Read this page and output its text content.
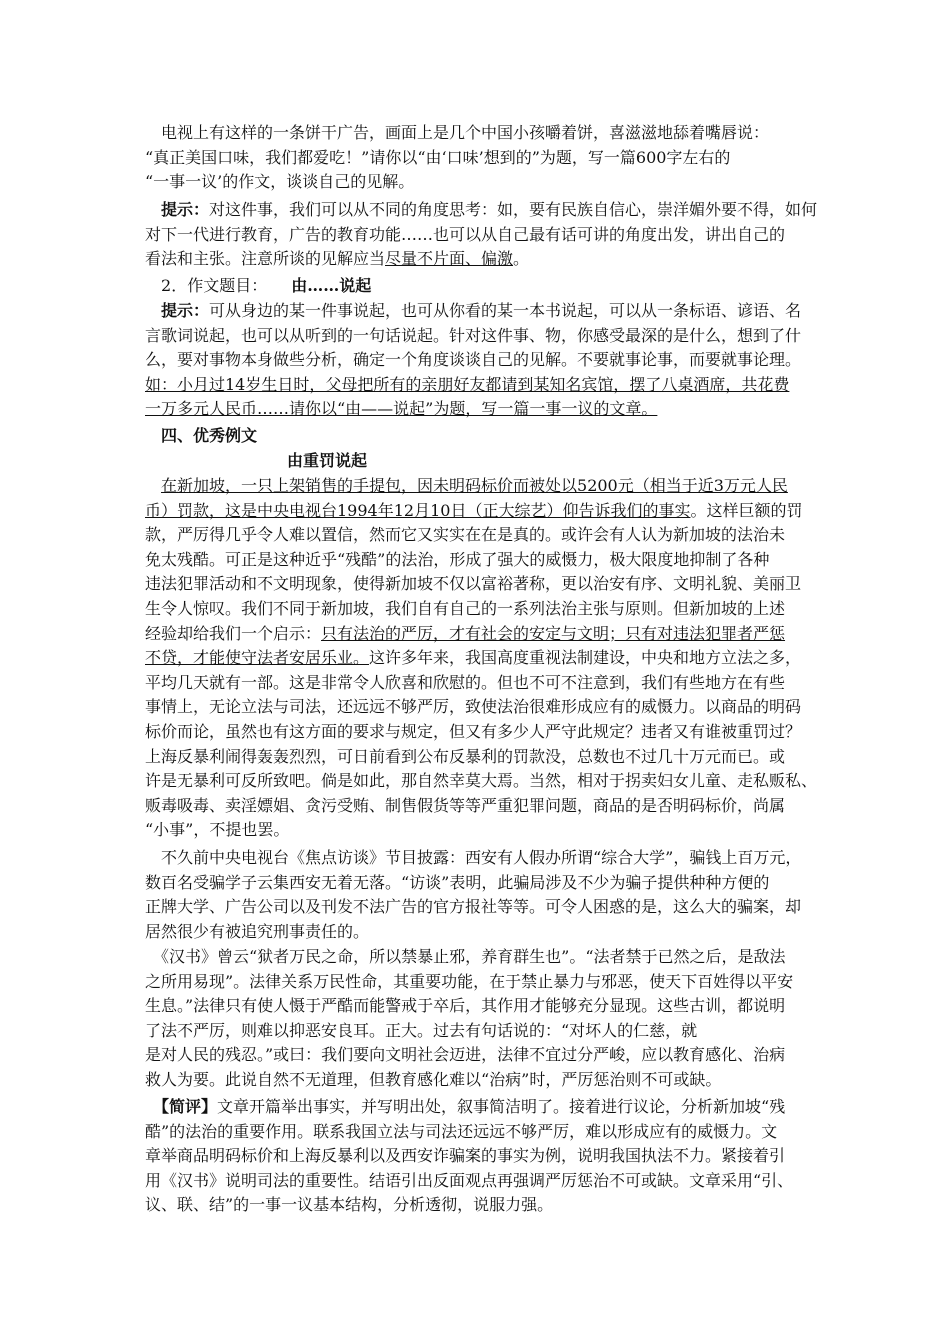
　电视上有这样的一条饼干广告，画面上是几个中国小孩嚼着饼，喜滋滋地舔着嘴唇说：
“真正美国口味，我们都爱吃！”请你以“由‘口味’想到的”为题，写一篇600字左右的
“一事一议’的作文，谈谈自己的见解。
　提示：对这件事，我们可以从不同的角度思考：如，要有民族自信心，崇洋媚外要不得，如何
对下一代进行教育，广告的教育功能……也可以从自己最有话可讲的角度出发，讲出自己的
看法和主张。注意所谈的见解应当尽量不片面、偏激。
　2．作文题目：　　 由……说起
　提示：可从身边的某一件事说起，也可从你看的某一本书说起，可以从一条标语、谚语、名
言歌词说起，也可以从听到的一句话说起。针对这件事、物，你感受最深的是什么，想到了什
么，要对事物本身做些分析，确定一个角度谈谈自己的见解。不要就事论事，而要就事论理。
如：小月过14岁生日时，父母把所有的亲朋好友都请到某知名宾馆，摆了八桌酒席，共花费
一万多元人民币……请你以“由——说起”为题，写一篇一事一议的文章。
　四、优秀例文
由重罚说起
　在新加坡，一只上架销售的手提包，因未明码标价而被处以5200元（相当于近3万元人民
币）罚款，这是中央电视台1994年12月10日（正大综艺）仰告诉我们的事实。这样巨额的罚
款，严厉得几乎令人难以置信，然而它又实实在在是真的。或许会有人认为新加坡的法治未
免太残酷。可正是这种近乎“残酷”的法治，形成了强大的威慑力，极大限度地抑制了各种
违法犯罪活动和不文明现象，使得新加坡不仅以富裕著称，更以治安有序、文明礼貌、美丽卫
生令人惊叹。我们不同于新加坡，我们自有自己的一系列法治主张与原则。但新加坡的上述
经验却给我们一个启示：只有法治的严厉，才有社会的安定与文明；只有对违法犯罪者严惩
不贷，才能使守法者安居乐业。这许多年来，我国高度重视法制建设，中央和地方立法之多，
平均几天就有一部。这是非常令人欣喜和欣慰的。但也不可不注意到，我们有些地方在有些
事情上，无论立法与司法，还远远不够严厉，致使法治很难形成应有的威慑力。以商品的明码
标价而论，虽然也有这方面的要求与规定，但又有多少人严守此规定？违者又有谁被重罚过？
上海反暴利闹得轰轰烈烈，可日前看到公布反暴利的罚款没，总数也不过几十万元而已。或
许是无暴利可反所致吧。倘是如此，那自然幸莫大焉。当然，相对于拐卖妇女儿童、走私贩私、
贩毒吸毒、卖淫嫖娼、贪污受贿、制售假货等等严重犯罪问题，商品的是否明码标价，尚属
“小事”，不提也罢。
　不久前中央电视台《焦点访谈》节目披露：西安有人假办所谓“综合大学”，骗钱上百万元，
数百名受骗学子云集西安无着无落。“访谈”表明，此骗局涉及不少为骗子提供种种方便的
正牌大学、广告公司以及刊发不法广告的官方报社等等。可令人困惑的是，这么大的骗案，却
居然很少有被追究刑事责任的。
　《汉书》曾云“狱者万民之命，所以禁暴止邪，养育群生也”。“法者禁于已然之后，是敌法
之所用易现”。法律关系万民性命，其重要功能，在于禁止暴力与邪恶，使天下百姓得以平安
生息。”法律只有使人慑于严酷而能警戒于卒后，其作用才能够充分显现。这些古训，都说明
了法不严厉，则难以抑恶安良耳。正大。过去有句话说的：“对坏人的仁慈，就
是对人民的残忍。”或曰：我们要向文明社会迈进，法律不宜过分严峻，应以教育感化、治病
救人为要。此说自然不无道理，但教育感化难以“治病”时，严厉惩治则不可或缺。
　【简评】文章开篇举出事实，并写明出处，叙事简洁明了。接着进行议论，分析新加坡“残
酷”的法治的重要作用。联系我国立法与司法还远远不够严厉，难以形成应有的威慑力。文
章举商品明码标价和上海反暴利以及西安诈骗案的事实为例，说明我国执法不力。紧接着引
用《汉书》说明司法的重要性。结语引出反面观点再强调严厉惩治不可或缺。文章采用“引、
议、联、结”的一事一议基本结构，分析透彻，说服力强。
